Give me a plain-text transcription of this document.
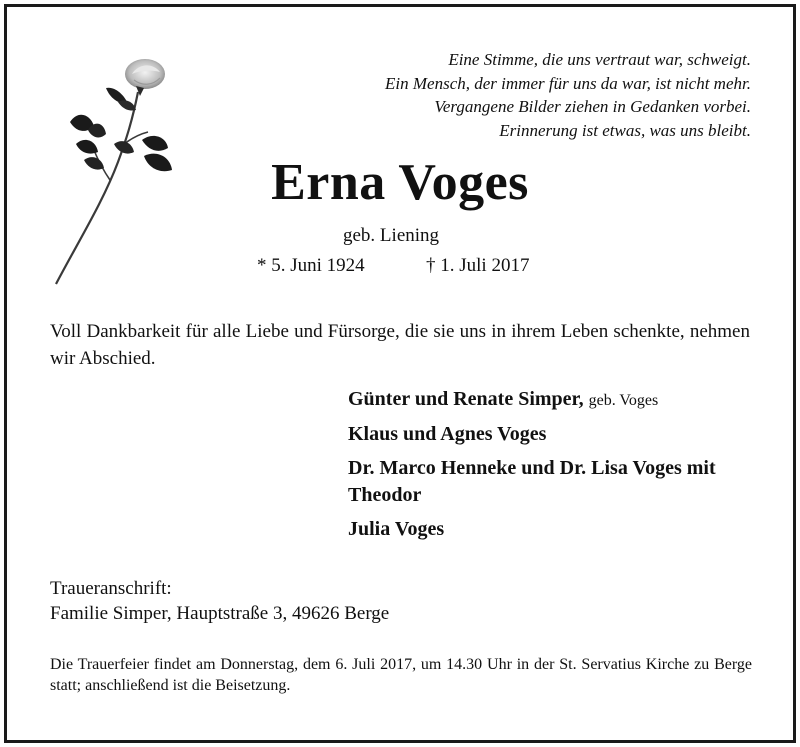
Eine Stimme, die uns vertraut war, schweigt.
Ein Mensch, der immer für uns da war, ist nicht mehr.
Vergangene Bilder ziehen in Gedanken vorbei.
Erinnerung ist etwas, was uns bleibt.
Erna Voges
geb. Liening
* 5. Juni 1924	† 1. Juli 2017
Voll Dankbarkeit für alle Liebe und Fürsorge, die sie uns in ihrem Leben schenkte, nehmen wir Abschied.
Günter und Renate Simper, geb. Voges
Klaus und Agnes Voges
Dr. Marco Henneke und Dr. Lisa Voges mit Theodor
Julia Voges
Traueranschrift:
Familie Simper, Hauptstraße 3, 49626 Berge
Die Trauerfeier findet am Donnerstag, dem 6. Juli 2017, um 14.30 Uhr in der St. Servatius Kirche zu Berge statt; anschließend ist die Beisetzung.
